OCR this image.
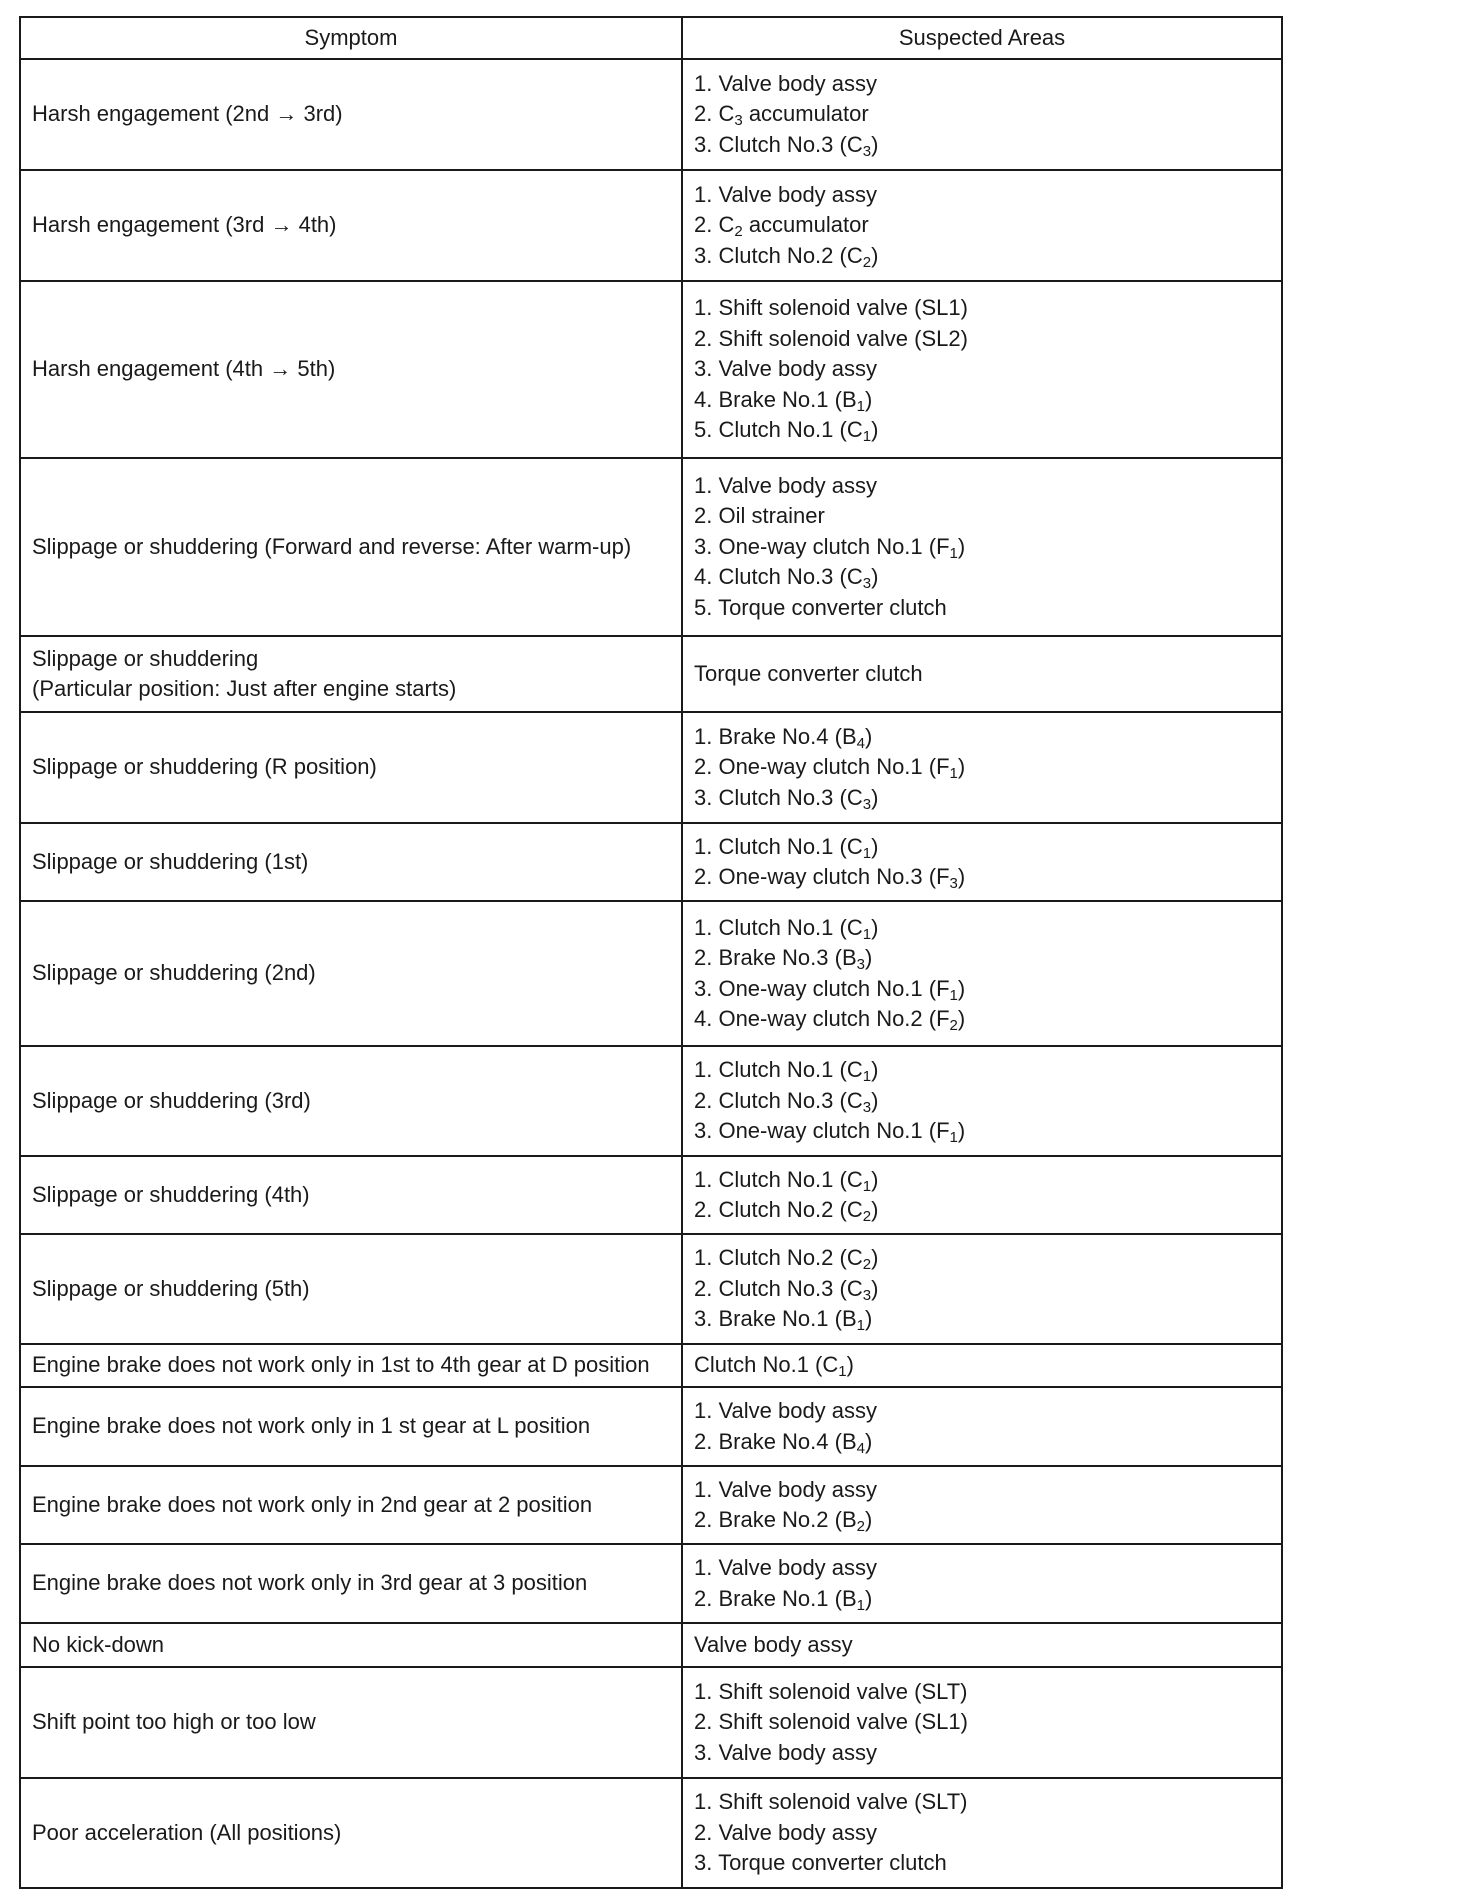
Symptom	Suspected Areas

Harsh engagement (2nd → 3rd)	1. Valve body assy
2. $C_3$ accumulator
3. Clutch No.3 $(C_3)$

Harsh engagement (3rd → 4th)	1. Valve body assy
2. $C_2$ accumulator
3. Clutch No.2 $(C_2)$

Harsh engagement (4th → 5th)	1. Shift solenoid valve (SL1)
2. Shift solenoid valve (SL2)
3. Valve body assy
4. Brake No.1 $(B_1)$
5. Clutch No.1 $(C_1)$

Slippage or shuddering (Forward and reverse: After warm-up)	1. Valve body assy
2. Oil strainer
3. One-way clutch No.1 $(F_1)$
4. Clutch No.3 $(C_3)$
5. Torque converter clutch

Slippage or shuddering
(Particular position: Just after engine starts)	Torque converter clutch

Slippage or shuddering (R position)	1. Brake No.4 $(B_4)$
2. One-way clutch No.1 $(F_1)$
3. Clutch No.3 $(C_3)$

Slippage or shuddering (1st)	1. Clutch No.1 $(C_1)$
2. One-way clutch No.3 $(F_3)$

Slippage or shuddering (2nd)	1. Clutch No.1 $(C_1)$
2. Brake No.3 $(B_3)$
3. One-way clutch No.1 $(F_1)$
4. One-way clutch No.2 $(F_2)$

Slippage or shuddering (3rd)	1. Clutch No.1 $(C_1)$
2. Clutch No.3 $(C_3)$
3. One-way clutch No.1 $(F_1)$

Slippage or shuddering (4th)	1. Clutch No.1 $(C_1)$
2. Clutch No.2 $(C_2)$

Slippage or shuddering (5th)	1. Clutch No.2 $(C_2)$
2. Clutch No.3 $(C_3)$
3. Brake No.1 $(B_1)$

Engine brake does not work only in 1st to 4th gear at D position	Clutch No.1 $(C_1)$

Engine brake does not work only in 1 st gear at L position	1. Valve body assy
2. Brake No.4 $(B_4)$

Engine brake does not work only in 2nd gear at 2 position	1. Valve body assy
2. Brake No.2 $(B_2)$

Engine brake does not work only in 3rd gear at 3 position	1. Valve body assy
2. Brake No.1 $(B_1)$

No kick-down	Valve body assy

Shift point too high or too low	1. Shift solenoid valve (SLT)
2. Shift solenoid valve (SL1)
3. Valve body assy

Poor acceleration (All positions)	1. Shift solenoid valve (SLT)
2. Valve body assy
3. Torque converter clutch
